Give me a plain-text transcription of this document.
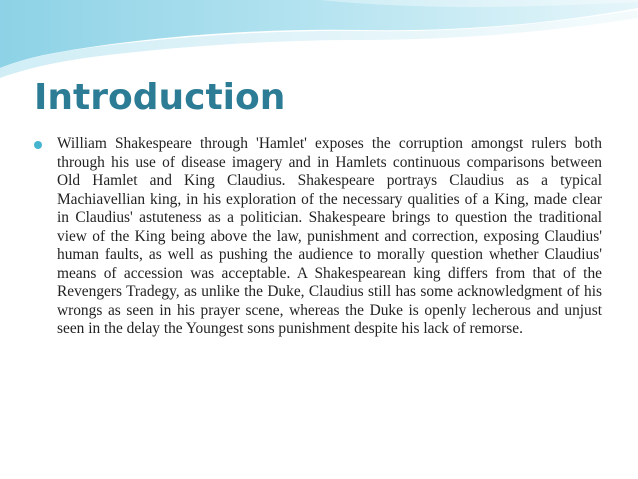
Introduction

William Shakespeare through 'Hamlet' exposes the corruption amongst rulers both through his use of disease imagery and in Hamlets continuous comparisons between Old Hamlet and King Claudius. Shakespeare portrays Claudius as a typical Machiavellian king, in his exploration of the necessary qualities of a King, made clear in Claudius' astuteness as a politician. Shakespeare brings to question the traditional view of the King being above the law, punishment and correction, exposing Claudius' human faults, as well as pushing the audience to morally question whether Claudius' means of accession was acceptable. A Shakespearean king differs from that of the Revengers Tradegy, as unlike the Duke, Claudius still has some acknowledgment of his wrongs as seen in his prayer scene, whereas the Duke is openly lecherous and unjust seen in the delay the Youngest sons punishment despite his lack of remorse.
